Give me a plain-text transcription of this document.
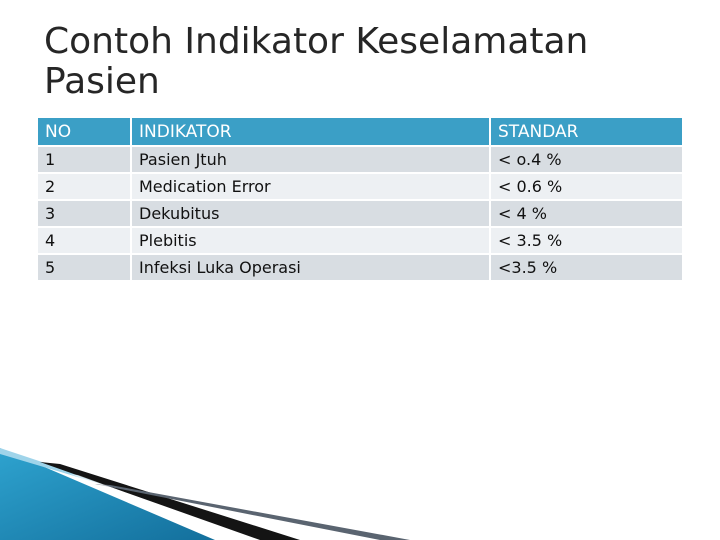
Contoh Indikator Keselamatan Pasien
NO	INDIKATOR	STANDAR
1	Pasien Jtuh	< o.4 %
2	Medication Error	< 0.6 %
3	Dekubitus	< 4 %
4	Plebitis	< 3.5 %
5	Infeksi Luka Operasi	<3.5 %
